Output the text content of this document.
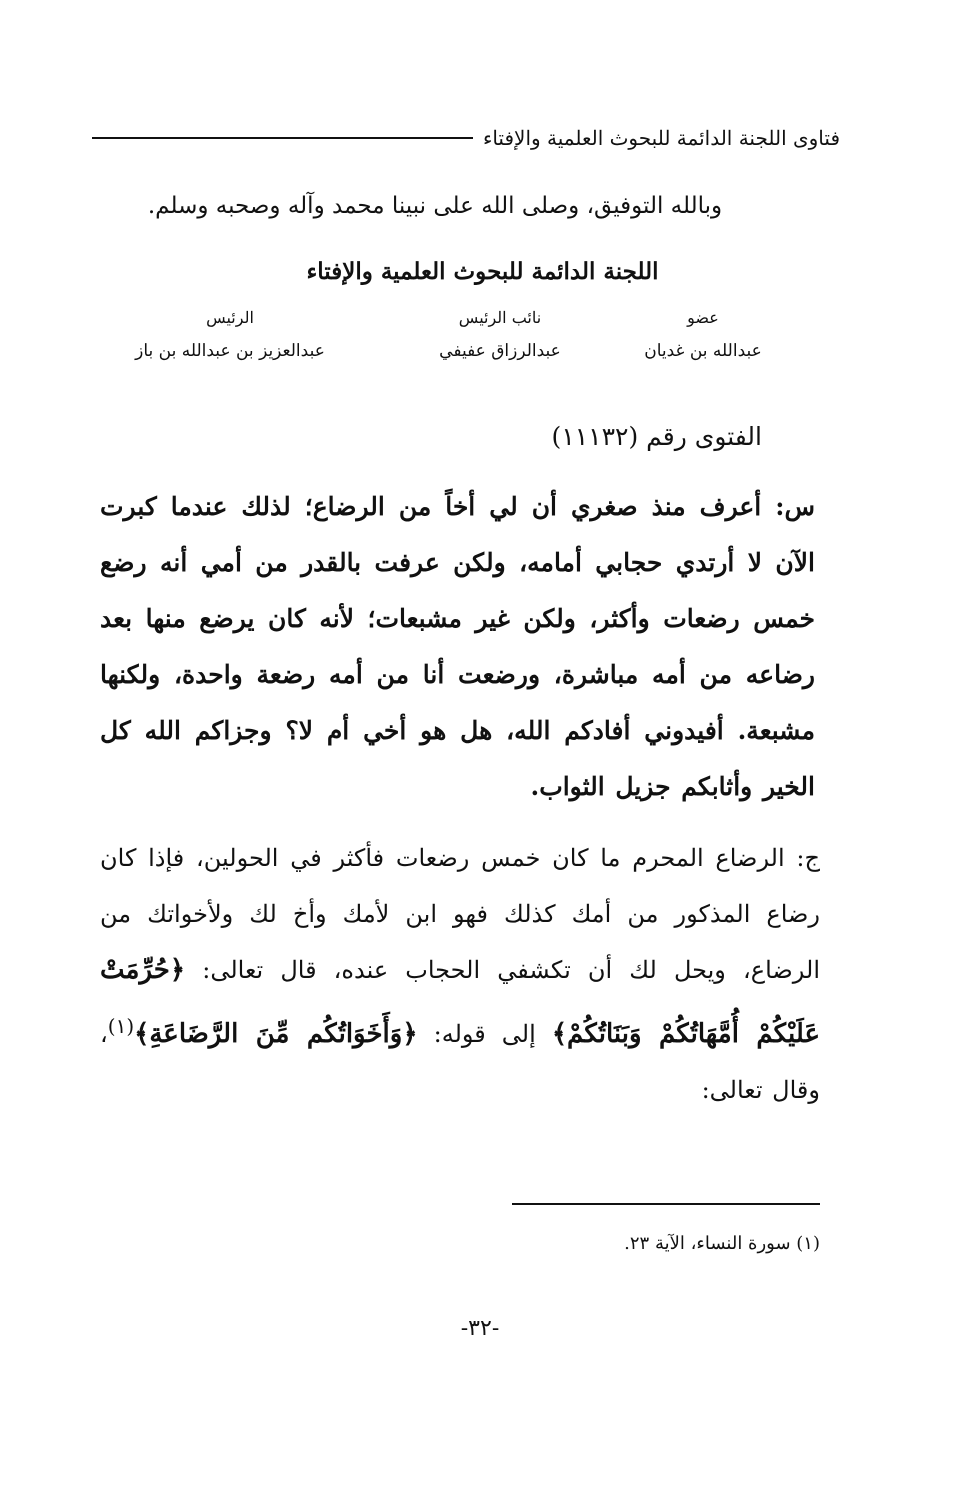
فتاوى اللجنة الدائمة للبحوث العلمية والإفتاء
وبالله التوفيق، وصلى الله على نبينا محمد وآله وصحبه وسلم.
اللجنة الدائمة للبحوث العلمية والإفتاء
عضو
عبدالله بن غديان
نائب الرئيس
عبدالرزاق عفيفي
الرئيس
عبدالعزيز بن عبدالله بن باز
الفتوى رقم (١١١٣٢)

س: أعرف منذ صغري أن لي أخاً من الرضاع؛ لذلك عندما كبرت الآن لا أرتدي حجابي أمامه، ولكن عرفت بالقدر من أمي أنه رضع خمس رضعات وأكثر، ولكن غير مشبعات؛ لأنه كان يرضع منها بعد رضاعه من أمه مباشرة، ورضعت أنا من أمه رضعة واحدة، ولكنها مشبعة. أفيدوني أفادكم الله، هل هو أخي أم لا؟ وجزاكم الله كل الخير وأثابكم جزيل الثواب.

ج: الرضاع المحرم ما كان خمس رضعات فأكثر في الحولين، فإذا كان رضاع المذكور من أمك كذلك فهو ابن لأمك وأخ لك ولأخواتك من الرضاع، ويحل لك أن تكشفي الحجاب عنده، قال تعالى: ﴿حُرِّمَتْ عَلَيْكُمْ أُمَّهَاتُكُمْ وَبَنَاتُكُمْ﴾ إلى قوله: ﴿وَأَخَوَاتُكُم مِّنَ الرَّضَاعَةِ﴾$^{(١)}$، وقال تعالى:

(١) سورة النساء، الآية ٢٣.
-٣٢-
